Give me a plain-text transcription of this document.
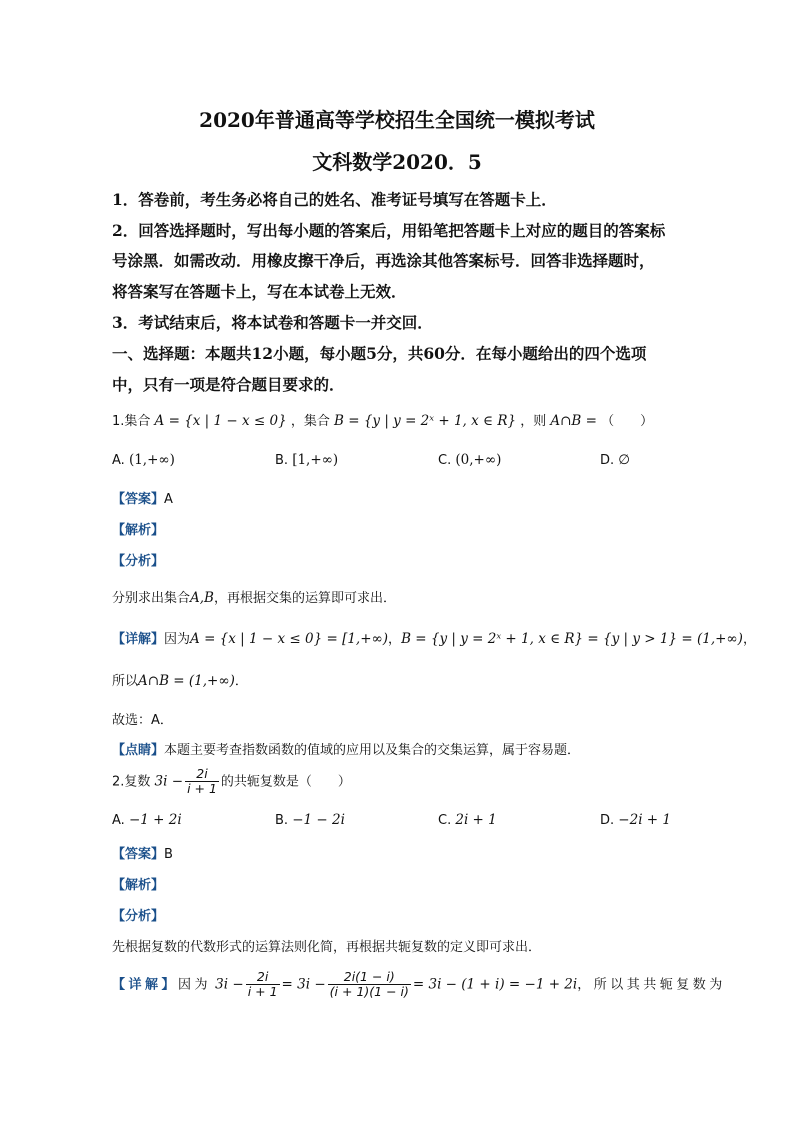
2020年普通高等学校招生全国统一模拟考试
文科数学2020．5
1．答卷前，考生务必将自己的姓名、准考证号填写在答题卡上．
2．回答选择题时，写出每小题的答案后，用铅笔把答题卡上对应的题目的答案标
号涂黑．如需改动．用橡皮擦干净后，再选涂其他答案标号．回答非选择题时，
将答案写在答题卡上，写在本试卷上无效．
3．考试结束后，将本试卷和答题卡一并交回．
一、选择题：本题共12小题，每小题5分，共60分．在每小题给出的四个选项
中，只有一项是符合题目要求的．
1.集合 A = {x | 1 − x ≤ 0} ，集合 B = {y | y = 2ˣ + 1, x ∈ R} ，则 A∩B = （　　）
A. (1,+∞)	B. [1,+∞)	C. (0,+∞)	D. ∅
【答案】A
【解析】
【分析】
分别求出集合A,B，再根据交集的运算即可求出．
【详解】因为A = {x | 1 − x ≤ 0} = [1,+∞)，B = {y | y = 2ˣ + 1, x ∈ R} = {y | y > 1} = (1,+∞)，
所以A∩B = (1,+∞)．
故选：A．
【点睛】本题主要考查指数函数的值域的应用以及集合的交集运算，属于容易题．
2.复数 $3i - \frac{2i}{i + 1}$ 的共轭复数是（　　）
A. −1 + 2i	B. −1 − 2i	C. 2i + 1	D. −2i + 1
【答案】B
【解析】
【分析】
先根据复数的代数形式的运算法则化简，再根据共轭复数的定义即可求出．
【详解】因为 $3i - \frac{2i}{i + 1} = 3i - \frac{2i(1 - i)}{(i + 1)(1 - i)} = 3i - (1 + i) = -1 + 2i$，所以其共轭复数为
